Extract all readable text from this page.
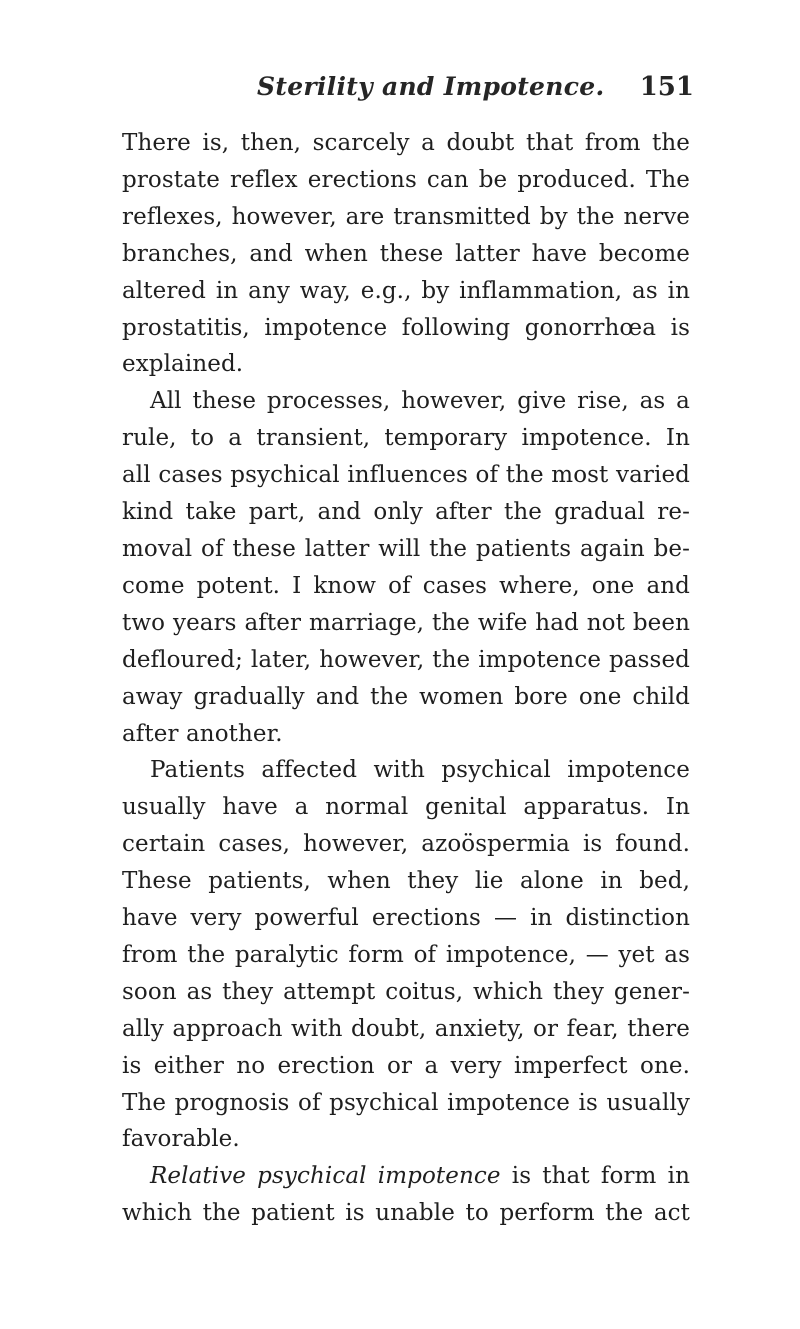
Sterility and Impotence. 151

There is, then, scarcely a doubt that from the
prostate reflex erections can be produced. The
reflexes, however, are transmitted by the nerve
branches, and when these latter have become
altered in any way, e.g., by inflammation, as in
prostatitis, impotence following gonorrhœa is
explained.

All these processes, however, give rise, as a
rule, to a transient, temporary impotence. In
all cases psychical influences of the most varied
kind take part, and only after the gradual re-
moval of these latter will the patients again be-
come potent. I know of cases where, one and
two years after marriage, the wife had not been
defloured; later, however, the impotence passed
away gradually and the women bore one child
after another.

Patients affected with psychical impotence
usually have a normal genital apparatus. In
certain cases, however, azoöspermia is found.
These patients, when they lie alone in bed,
have very powerful erections — in distinction
from the paralytic form of impotence, — yet as
soon as they attempt coitus, which they gener-
ally approach with doubt, anxiety, or fear, there
is either no erection or a very imperfect one.
The prognosis of psychical impotence is usually
favorable.

Relative psychical impotence is that form in
which the patient is unable to perform the act
